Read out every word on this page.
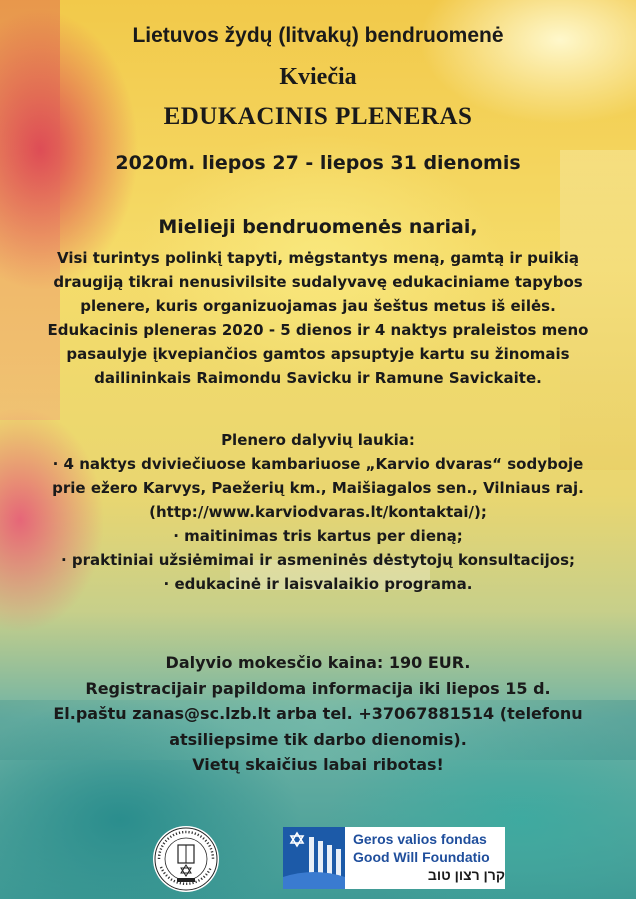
Lietuvos žydų (litvakų) bendruomenė

Kviečia

EDUKACINIS PLENERAS

2020m. liepos 27 - liepos 31 dienomis

Mielieji bendruomenės nariai,

Visi turintys polinkį tapyti, mėgstantys meną, gamtą ir puikią
draugiją tikrai nenusivilsite sudalyvavę edukaciniame tapybos
plenere, kuris organizuojamas jau šeštus metus iš eilės.
Edukacinis pleneras 2020 - 5 dienos ir 4 naktys praleistos meno
pasaulyje įkvepiančios gamtos apsuptyje kartu su žinomais
dailininkais Raimondu Savicku ir Ramune Savickaite.
Plenero dalyvių laukia:
· 4 naktys dviviečiuose kambariuose „Karvio dvaras“ sodyboje
prie ežero Karvys, Paežerių km., Maišiagalos sen., Vilniaus raj.
(http://www.karviodvaras.lt/kontaktai/);
· maitinimas tris kartus per dieną;
· praktiniai užsiėmimai ir asmeninės dėstytojų konsultacijos;
· edukacinė ir laisvalaikio programa.
Dalyvio mokesčio kaina: 190 EUR.
Registracijair papildoma informacija iki liepos 15 d.
El.paštu zanas@sc.lzb.lt arba tel. +37067881514 (telefonu
atsiliepsime tik darbo dienomis).
Vietų skaičius labai ribotas!

Geros valios fondas

Good Will Foundatio

קרן רצון טוב
